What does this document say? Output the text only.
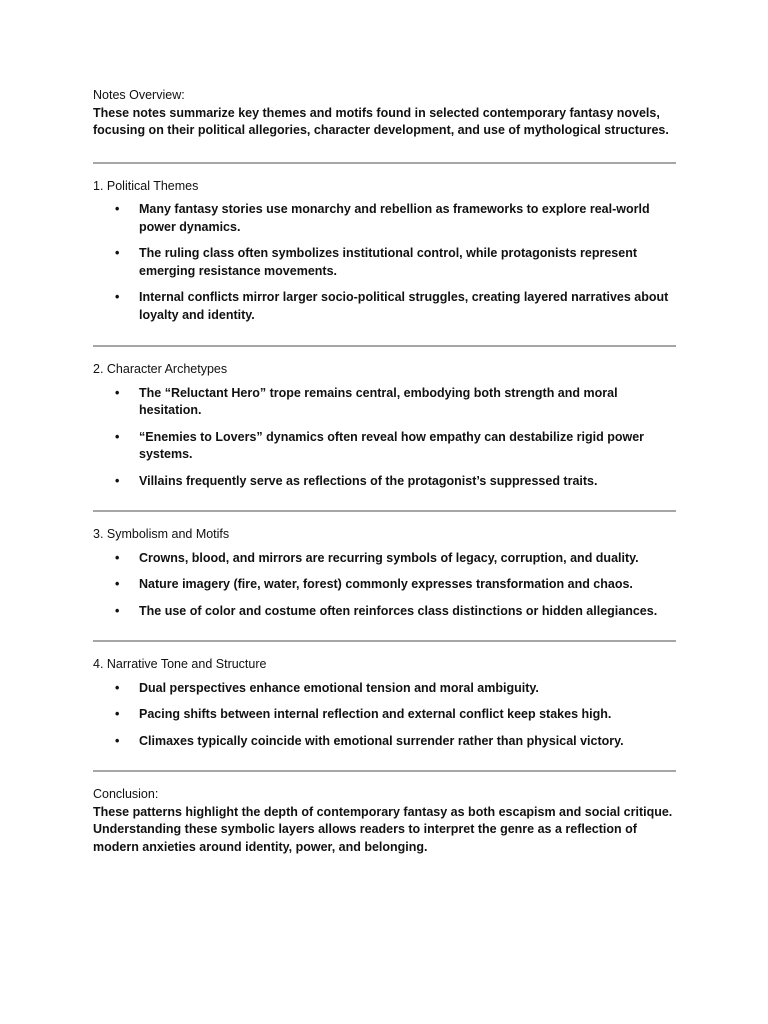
Notes Overview:

These notes summarize key themes and motifs found in selected contemporary fantasy novels, focusing on their political allegories, character development, and use of mythological structures.

1. Political Themes

• Many fantasy stories use monarchy and rebellion as frameworks to explore real-world power dynamics.
• The ruling class often symbolizes institutional control, while protagonists represent emerging resistance movements.
• Internal conflicts mirror larger socio-political struggles, creating layered narratives about loyalty and identity.

2. Character Archetypes

• The “Reluctant Hero” trope remains central, embodying both strength and moral hesitation.
• “Enemies to Lovers” dynamics often reveal how empathy can destabilize rigid power systems.
• Villains frequently serve as reflections of the protagonist’s suppressed traits.

3. Symbolism and Motifs

• Crowns, blood, and mirrors are recurring symbols of legacy, corruption, and duality.
• Nature imagery (fire, water, forest) commonly expresses transformation and chaos.
• The use of color and costume often reinforces class distinctions or hidden allegiances.

4. Narrative Tone and Structure

• Dual perspectives enhance emotional tension and moral ambiguity.
• Pacing shifts between internal reflection and external conflict keep stakes high.
• Climaxes typically coincide with emotional surrender rather than physical victory.

Conclusion:

These patterns highlight the depth of contemporary fantasy as both escapism and social critique. Understanding these symbolic layers allows readers to interpret the genre as a reflection of modern anxieties around identity, power, and belonging.
